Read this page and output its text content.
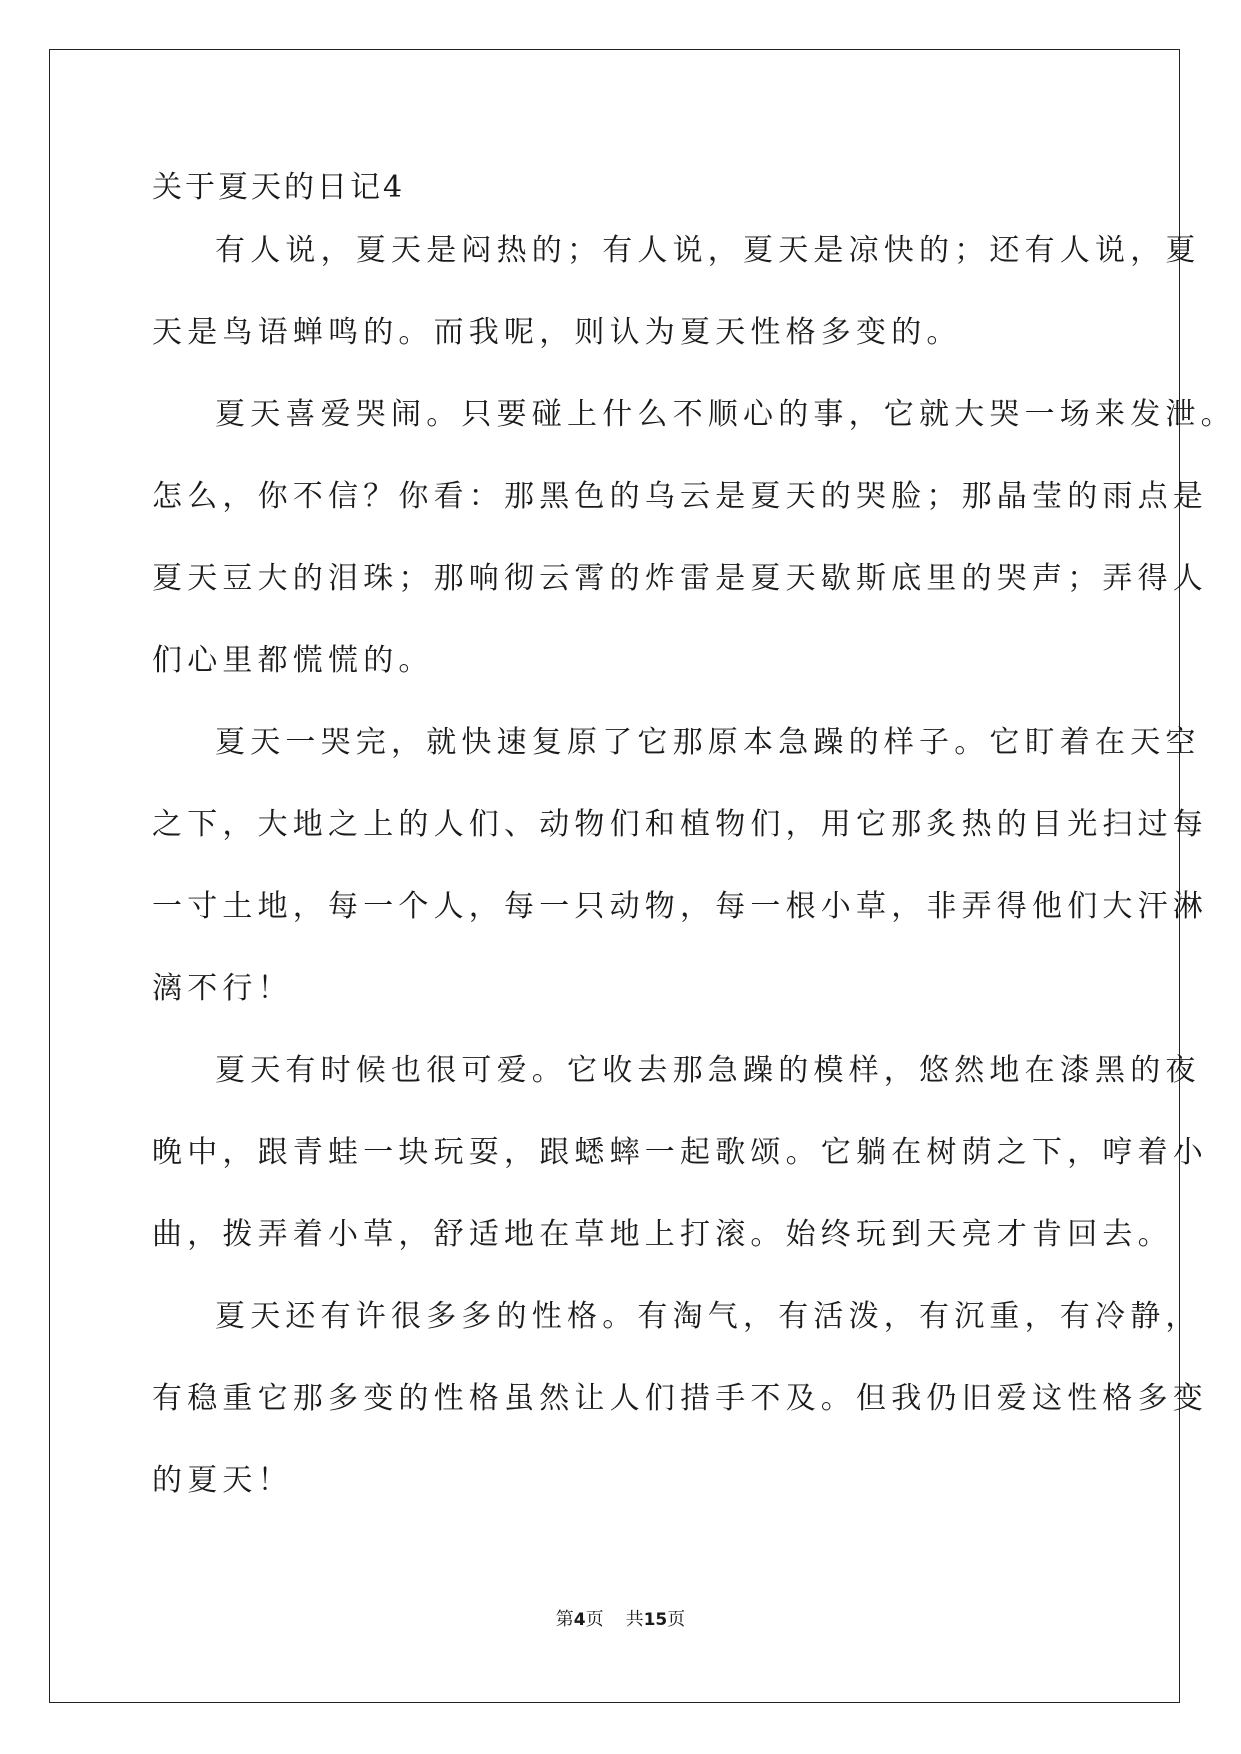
关于夏天的日记4
有人说，夏天是闷热的；有人说，夏天是凉快的；还有人说，夏
天是鸟语蝉鸣的。而我呢，则认为夏天性格多变的。
夏天喜爱哭闹。只要碰上什么不顺心的事，它就大哭一场来发泄。
怎么，你不信？你看：那黑色的乌云是夏天的哭脸；那晶莹的雨点是
夏天豆大的泪珠；那响彻云霄的炸雷是夏天歇斯底里的哭声；弄得人
们心里都慌慌的。
夏天一哭完，就快速复原了它那原本急躁的样子。它盯着在天空
之下，大地之上的人们、动物们和植物们，用它那炙热的目光扫过每
一寸土地，每一个人，每一只动物，每一根小草，非弄得他们大汗淋
漓不行！
夏天有时候也很可爱。它收去那急躁的模样，悠然地在漆黑的夜
晚中，跟青蛙一块玩耍，跟蟋蟀一起歌颂。它躺在树荫之下，哼着小
曲，拨弄着小草，舒适地在草地上打滚。始终玩到天亮才肯回去。
夏天还有许很多多的性格。有淘气，有活泼，有沉重，有冷静，
有稳重它那多变的性格虽然让人们措手不及。但我仍旧爱这性格多变
的夏天！
第4页 共15页
